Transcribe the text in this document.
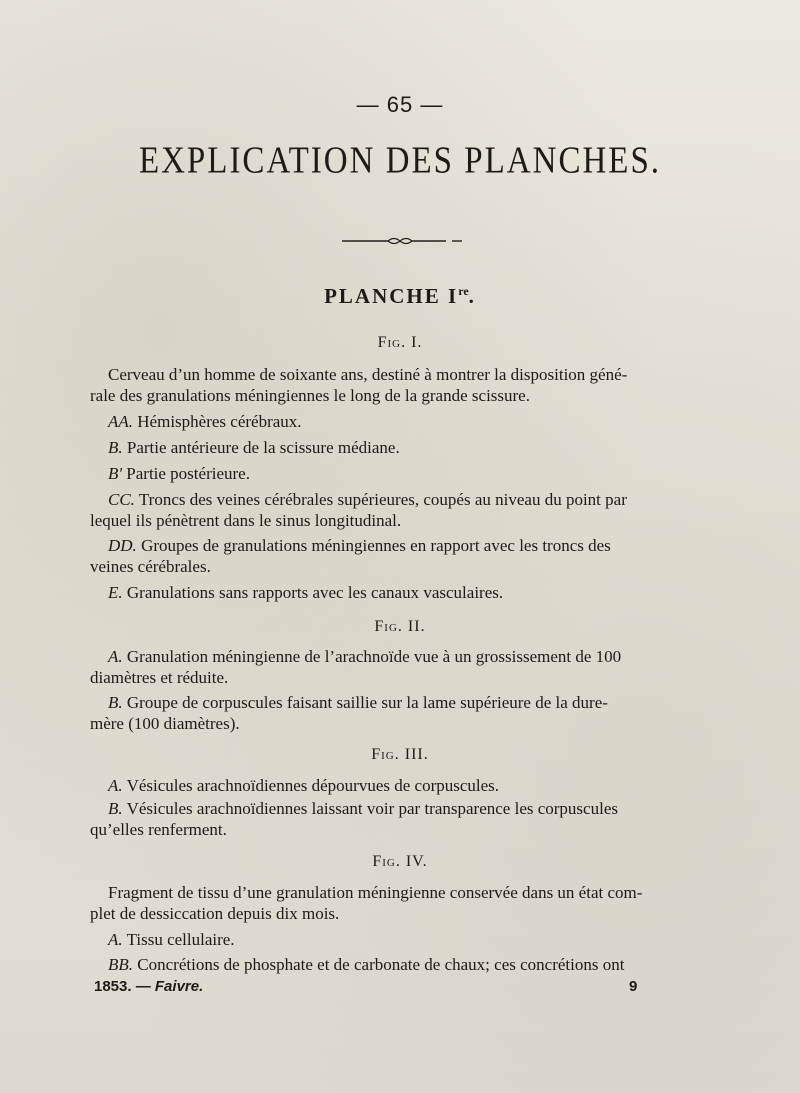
— 65 —

EXPLICATION DES PLANCHES.
PLANCHE Ire.

Fig. I.

Cerveau d’un homme de soixante ans, destiné à montrer la disposition géné-

rale des granulations méningiennes le long de la grande scissure.

AA. Hémisphères cérébraux.

B. Partie antérieure de la scissure médiane.

B' Partie postérieure.

CC. Troncs des veines cérébrales supérieures, coupés au niveau du point par

lequel ils pénètrent dans le sinus longitudinal.

DD. Groupes de granulations méningiennes en rapport avec les troncs des

veines cérébrales.

E. Granulations sans rapports avec les canaux vasculaires.

Fig. II.

A. Granulation méningienne de l’arachnoïde vue à un grossissement de 100

diamètres et réduite.

B. Groupe de corpuscules faisant saillie sur la lame supérieure de la dure-

mère (100 diamètres).

Fig. III.

A. Vésicules arachnoïdiennes dépourvues de corpuscules.

B. Vésicules arachnoïdiennes laissant voir par transparence les corpuscules

qu’elles renferment.

Fig. IV.

Fragment de tissu d’une granulation méningienne conservée dans un état com-

plet de dessiccation depuis dix mois.

A. Tissu cellulaire.

BB. Concrétions de phosphate et de carbonate de chaux; ces concrétions ont

1853. — Faivre.	9
